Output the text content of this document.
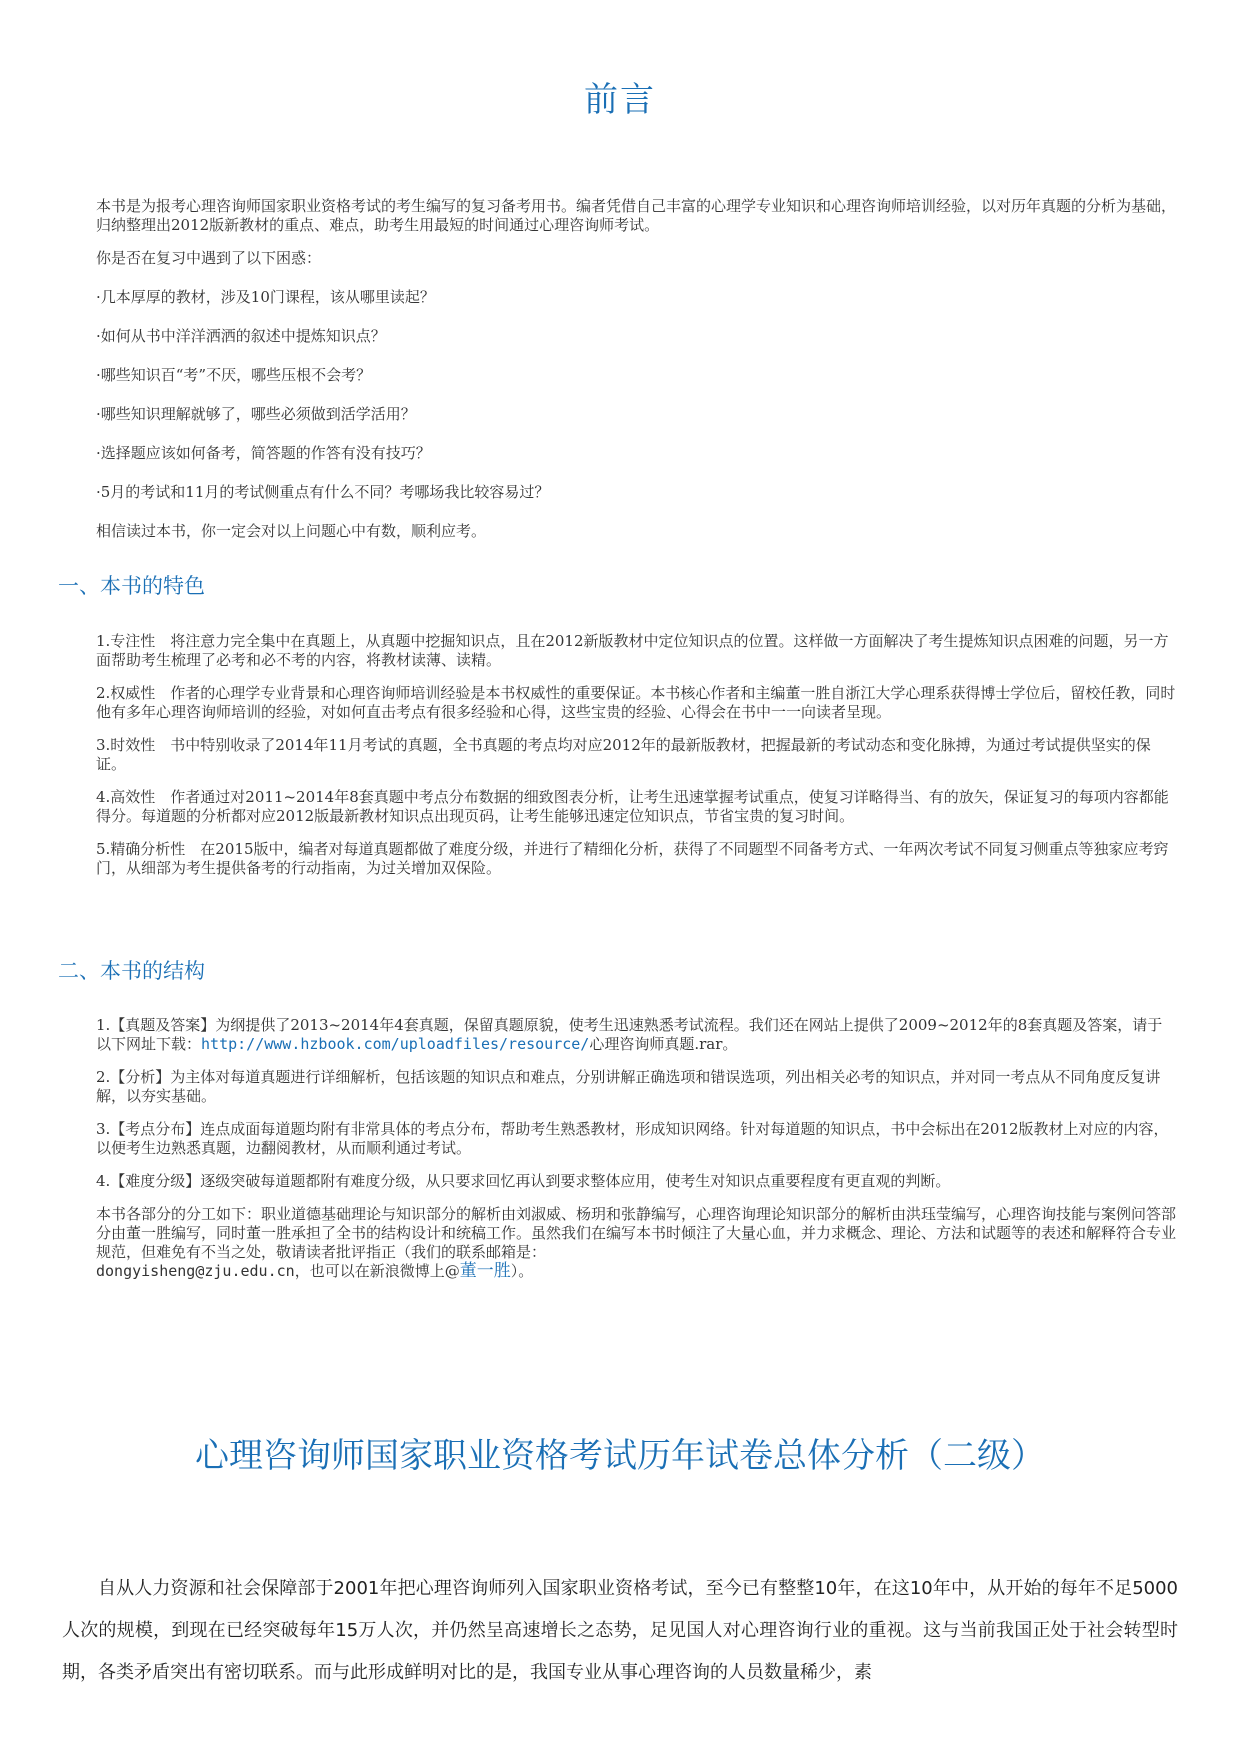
前言

本书是为报考心理咨询师国家职业资格考试的考生编写的复习备考用书。编者凭借自己丰富的心理学专业知识和心理咨询师培训经验，以对历年真题的分析为基础，归纳整理出2012版新教材的重点、难点，助考生用最短的时间通过心理咨询师考试。

你是否在复习中遇到了以下困惑：

·几本厚厚的教材，涉及10门课程，该从哪里读起？

·如何从书中洋洋洒洒的叙述中提炼知识点？

·哪些知识百“考”不厌，哪些压根不会考？

·哪些知识理解就够了，哪些必须做到活学活用？

·选择题应该如何备考，简答题的作答有没有技巧？

·5月的考试和11月的考试侧重点有什么不同？考哪场我比较容易过？

相信读过本书，你一定会对以上问题心中有数，顺利应考。

一、本书的特色

1.专注性　将注意力完全集中在真题上，从真题中挖掘知识点，且在2012新版教材中定位知识点的位置。这样做一方面解决了考生提炼知识点困难的问题，另一方面帮助考生梳理了必考和必不考的内容，将教材读薄、读精。

2.权威性　作者的心理学专业背景和心理咨询师培训经验是本书权威性的重要保证。本书核心作者和主编董一胜自浙江大学心理系获得博士学位后，留校任教，同时他有多年心理咨询师培训的经验，对如何直击考点有很多经验和心得，这些宝贵的经验、心得会在书中一一向读者呈现。

3.时效性　书中特别收录了2014年11月考试的真题，全书真题的考点均对应2012年的最新版教材，把握最新的考试动态和变化脉搏，为通过考试提供坚实的保证。

4.高效性　作者通过对2011~2014年8套真题中考点分布数据的细致图表分析，让考生迅速掌握考试重点，使复习详略得当、有的放矢，保证复习的每项内容都能得分。每道题的分析都对应2012版最新教材知识点出现页码，让考生能够迅速定位知识点，节省宝贵的复习时间。

5.精确分析性　在2015版中，编者对每道真题都做了难度分级，并进行了精细化分析，获得了不同题型不同备考方式、一年两次考试不同复习侧重点等独家应考窍门，从细部为考生提供备考的行动指南，为过关增加双保险。

二、本书的结构

1.【真题及答案】为纲提供了2013~2014年4套真题，保留真题原貌，使考生迅速熟悉考试流程。我们还在网站上提供了2009~2012年的8套真题及答案，请于以下网址下载：http://www.hzbook.com/uploadfiles/resource/心理咨询师真题.rar。

2.【分析】为主体对每道真题进行详细解析，包括该题的知识点和难点，分别讲解正确选项和错误选项，列出相关必考的知识点，并对同一考点从不同角度反复讲解，以夯实基础。

3.【考点分布】连点成面每道题均附有非常具体的考点分布，帮助考生熟悉教材，形成知识网络。针对每道题的知识点，书中会标出在2012版教材上对应的内容，以便考生边熟悉真题，边翻阅教材，从而顺利通过考试。

4.【难度分级】逐级突破每道题都附有难度分级，从只要求回忆再认到要求整体应用，使考生对知识点重要程度有更直观的判断。

本书各部分的分工如下：职业道德基础理论与知识部分的解析由刘淑威、杨玥和张静编写，心理咨询理论知识部分的解析由洪珏莹编写，心理咨询技能与案例问答部分由董一胜编写，同时董一胜承担了全书的结构设计和统稿工作。虽然我们在编写本书时倾注了大量心血，并力求概念、理论、方法和试题等的表述和解释符合专业规范，但难免有不当之处，敬请读者批评指正（我们的联系邮箱是：
dongyisheng@zju.edu.cn，也可以在新浪微博上@董一胜）。

心理咨询师国家职业资格考试历年试卷总体分析（二级）

自从人力资源和社会保障部于2001年把心理咨询师列入国家职业资格考试，至今已有整整10年，在这10年中，从开始的每年不足5000人次的规模，到现在已经突破每年15万人次，并仍然呈高速增长之态势，足见国人对心理咨询行业的重视。这与当前我国正处于社会转型时期，各类矛盾突出有密切联系。而与此形成鲜明对比的是，我国专业从事心理咨询的人员数量稀少，素
